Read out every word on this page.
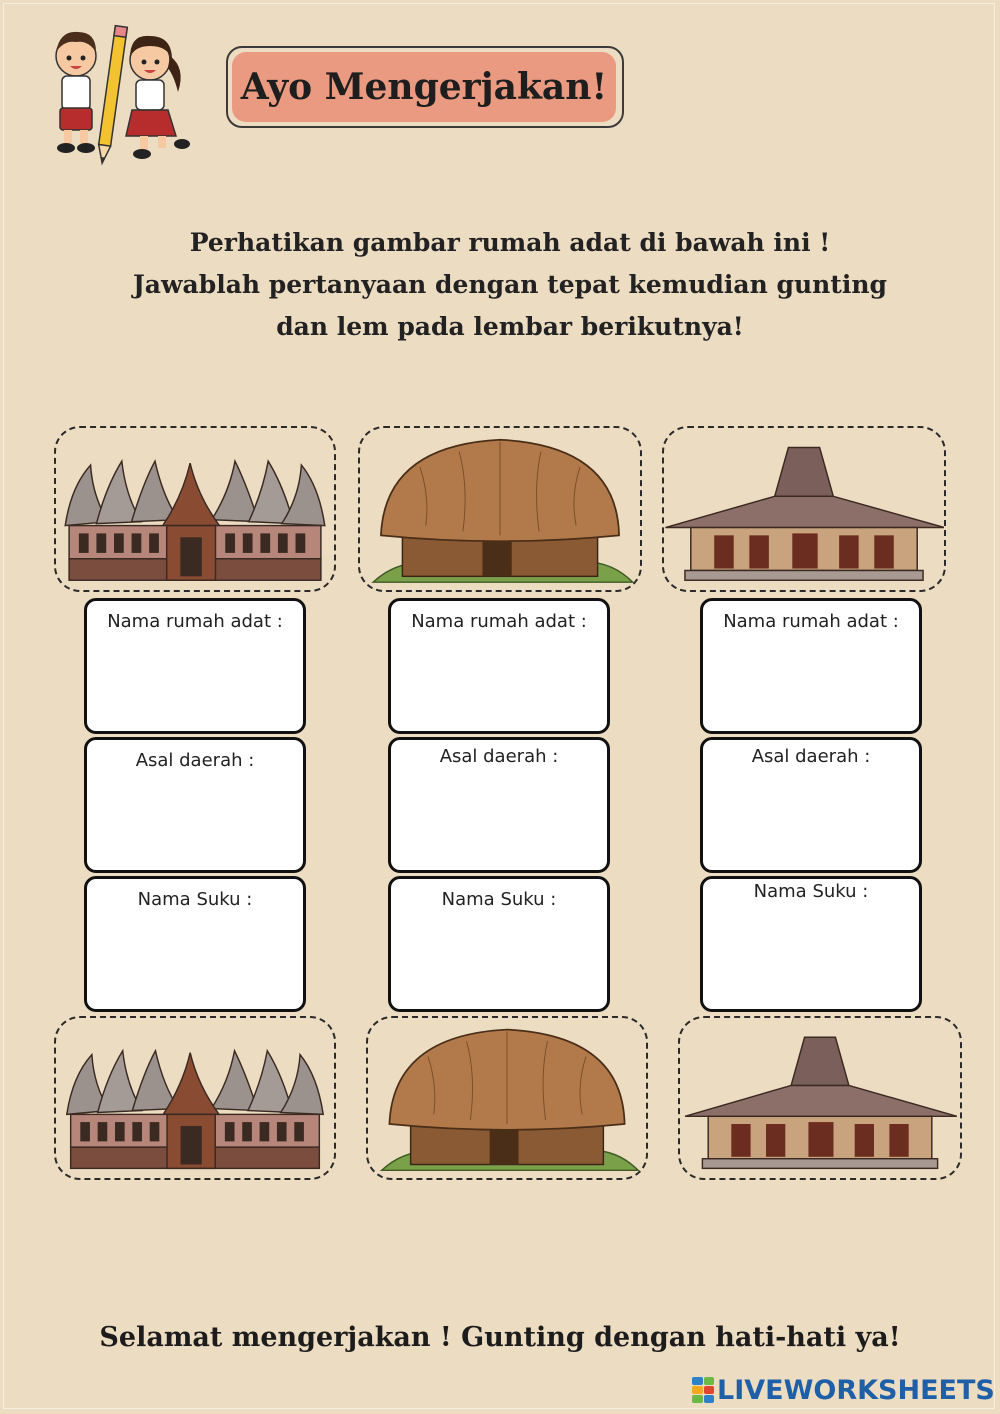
Ayo Mengerjakan!
Perhatikan gambar rumah adat di bawah ini !
Jawablah pertanyaan dengan tepat kemudian gunting
dan lem pada lembar berikutnya!
Nama rumah adat :
Asal daerah :
Nama Suku :
Nama rumah adat :
Asal daerah :
Nama Suku :
Nama rumah adat :
Asal daerah :
Nama Suku :
Selamat mengerjakan ! Gunting dengan hati-hati ya!
LIVEWORKSHEETS
